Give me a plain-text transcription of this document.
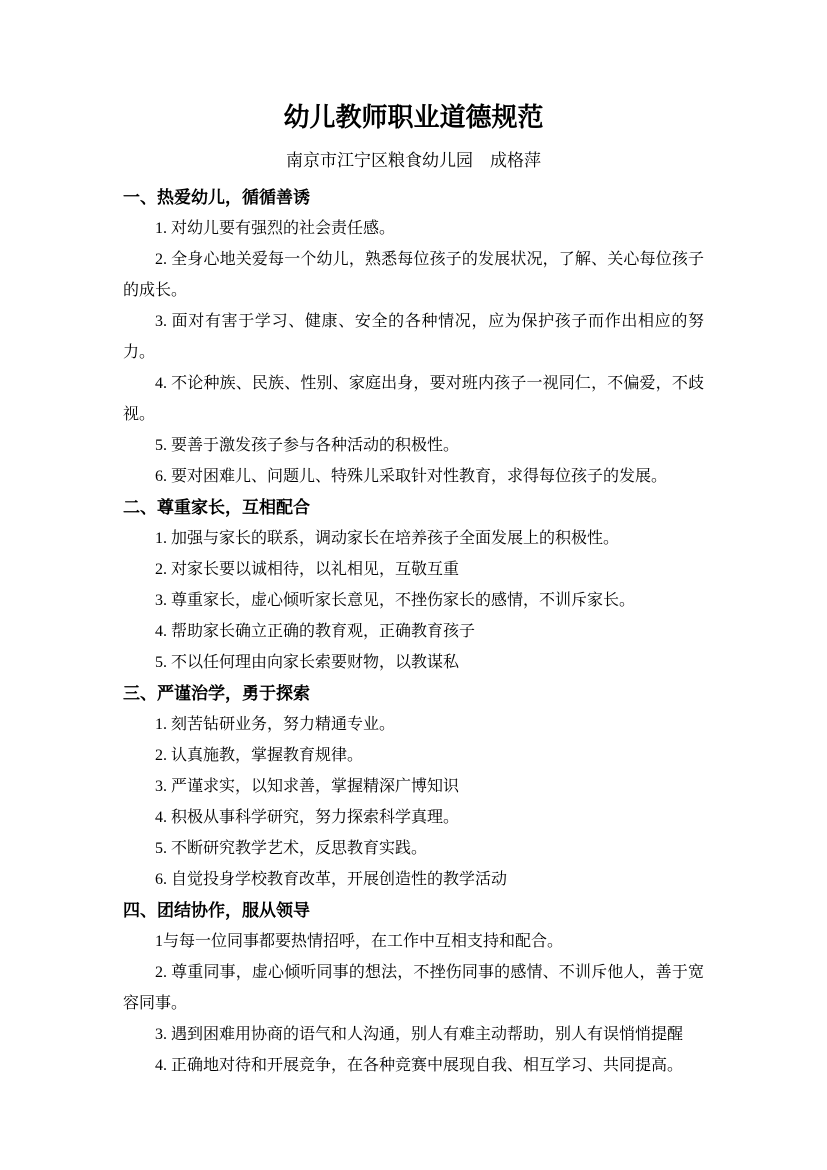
幼儿教师职业道德规范
南京市江宁区粮食幼儿园　成格萍
一、热爱幼儿，循循善诱
1. 对幼儿要有强烈的社会责任感。
2. 全身心地关爱每一个幼儿，熟悉每位孩子的发展状况，了解、关心每位孩子的成长。
3. 面对有害于学习、健康、安全的各种情况，应为保护孩子而作出相应的努力。
4. 不论种族、民族、性别、家庭出身，要对班内孩子一视同仁，不偏爱，不歧视。
5. 要善于激发孩子参与各种活动的积极性。
6. 要对困难儿、问题儿、特殊儿采取针对性教育，求得每位孩子的发展。
二、尊重家长，互相配合
1. 加强与家长的联系，调动家长在培养孩子全面发展上的积极性。
2. 对家长要以诚相待，以礼相见，互敬互重
3. 尊重家长，虚心倾听家长意见，不挫伤家长的感情，不训斥家长。
4. 帮助家长确立正确的教育观，正确教育孩子
5. 不以任何理由向家长索要财物，以教谋私
三、严谨治学，勇于探索
1. 刻苦钻研业务，努力精通专业。
2. 认真施教，掌握教育规律。
3. 严谨求实，以知求善，掌握精深广博知识
4. 积极从事科学研究，努力探索科学真理。
5. 不断研究教学艺术，反思教育实践。
6. 自觉投身学校教育改革，开展创造性的教学活动
四、团结协作，服从领导
1与每一位同事都要热情招呼，在工作中互相支持和配合。
2. 尊重同事，虚心倾听同事的想法，不挫伤同事的感情、不训斥他人，善于宽容同事。
3. 遇到困难用协商的语气和人沟通，别人有难主动帮助，别人有误悄悄提醒
4. 正确地对待和开展竞争，在各种竞赛中展现自我、相互学习、共同提高。
